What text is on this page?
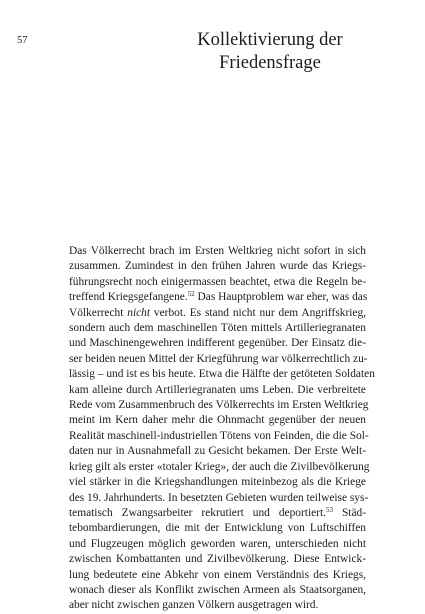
57	Kollektivierung der
Friedensfrage
Das Völkerrecht brach im Ersten Weltkrieg nicht sofort in sich
zusammen. Zumindest in den frühen Jahren wurde das Kriegs-
führungsrecht noch einigermassen beachtet, etwa die Regeln be-
treffend Kriegsgefangene.$^{52}$ Das Hauptproblem war eher, was das
Völkerrecht nicht verbot. Es stand nicht nur dem Angriffskrieg,
sondern auch dem maschinellen Töten mittels Artilleriegranaten
und Maschinengewehren indifferent gegenüber. Der Einsatz die-
ser beiden neuen Mittel der Kriegführung war völkerrechtlich zu-
lässig – und ist es bis heute. Etwa die Hälfte der getöteten Soldaten
kam alleine durch Artilleriegranaten ums Leben. Die verbreitete
Rede vom Zusammenbruch des Völkerrechts im Ersten Weltkrieg
meint im Kern daher mehr die Ohnmacht gegenüber der neuen
Realität maschinell-industriellen Tötens von Feinden, die die Sol-
daten nur in Ausnahmefall zu Gesicht bekamen. Der Erste Welt-
krieg gilt als erster «totaler Krieg», der auch die Zivilbevölkerung
viel stärker in die Kriegshandlungen miteinbezog als die Kriege
des 19. Jahrhunderts. In besetzten Gebieten wurden teilweise sys-
tematisch Zwangsarbeiter rekrutiert und deportiert.$^{53}$ Städ-
tebombardierungen, die mit der Entwicklung von Luftschiffen
und Flugzeugen möglich geworden waren, unterschieden nicht
zwischen Kombattanten und Zivilbevölkerung. Diese Entwick-
lung bedeutete eine Abkehr von einem Verständnis des Kriegs,
wonach dieser als Konflikt zwischen Armeen als Staatsorganen,
aber nicht zwischen ganzen Völkern ausgetragen wird.
